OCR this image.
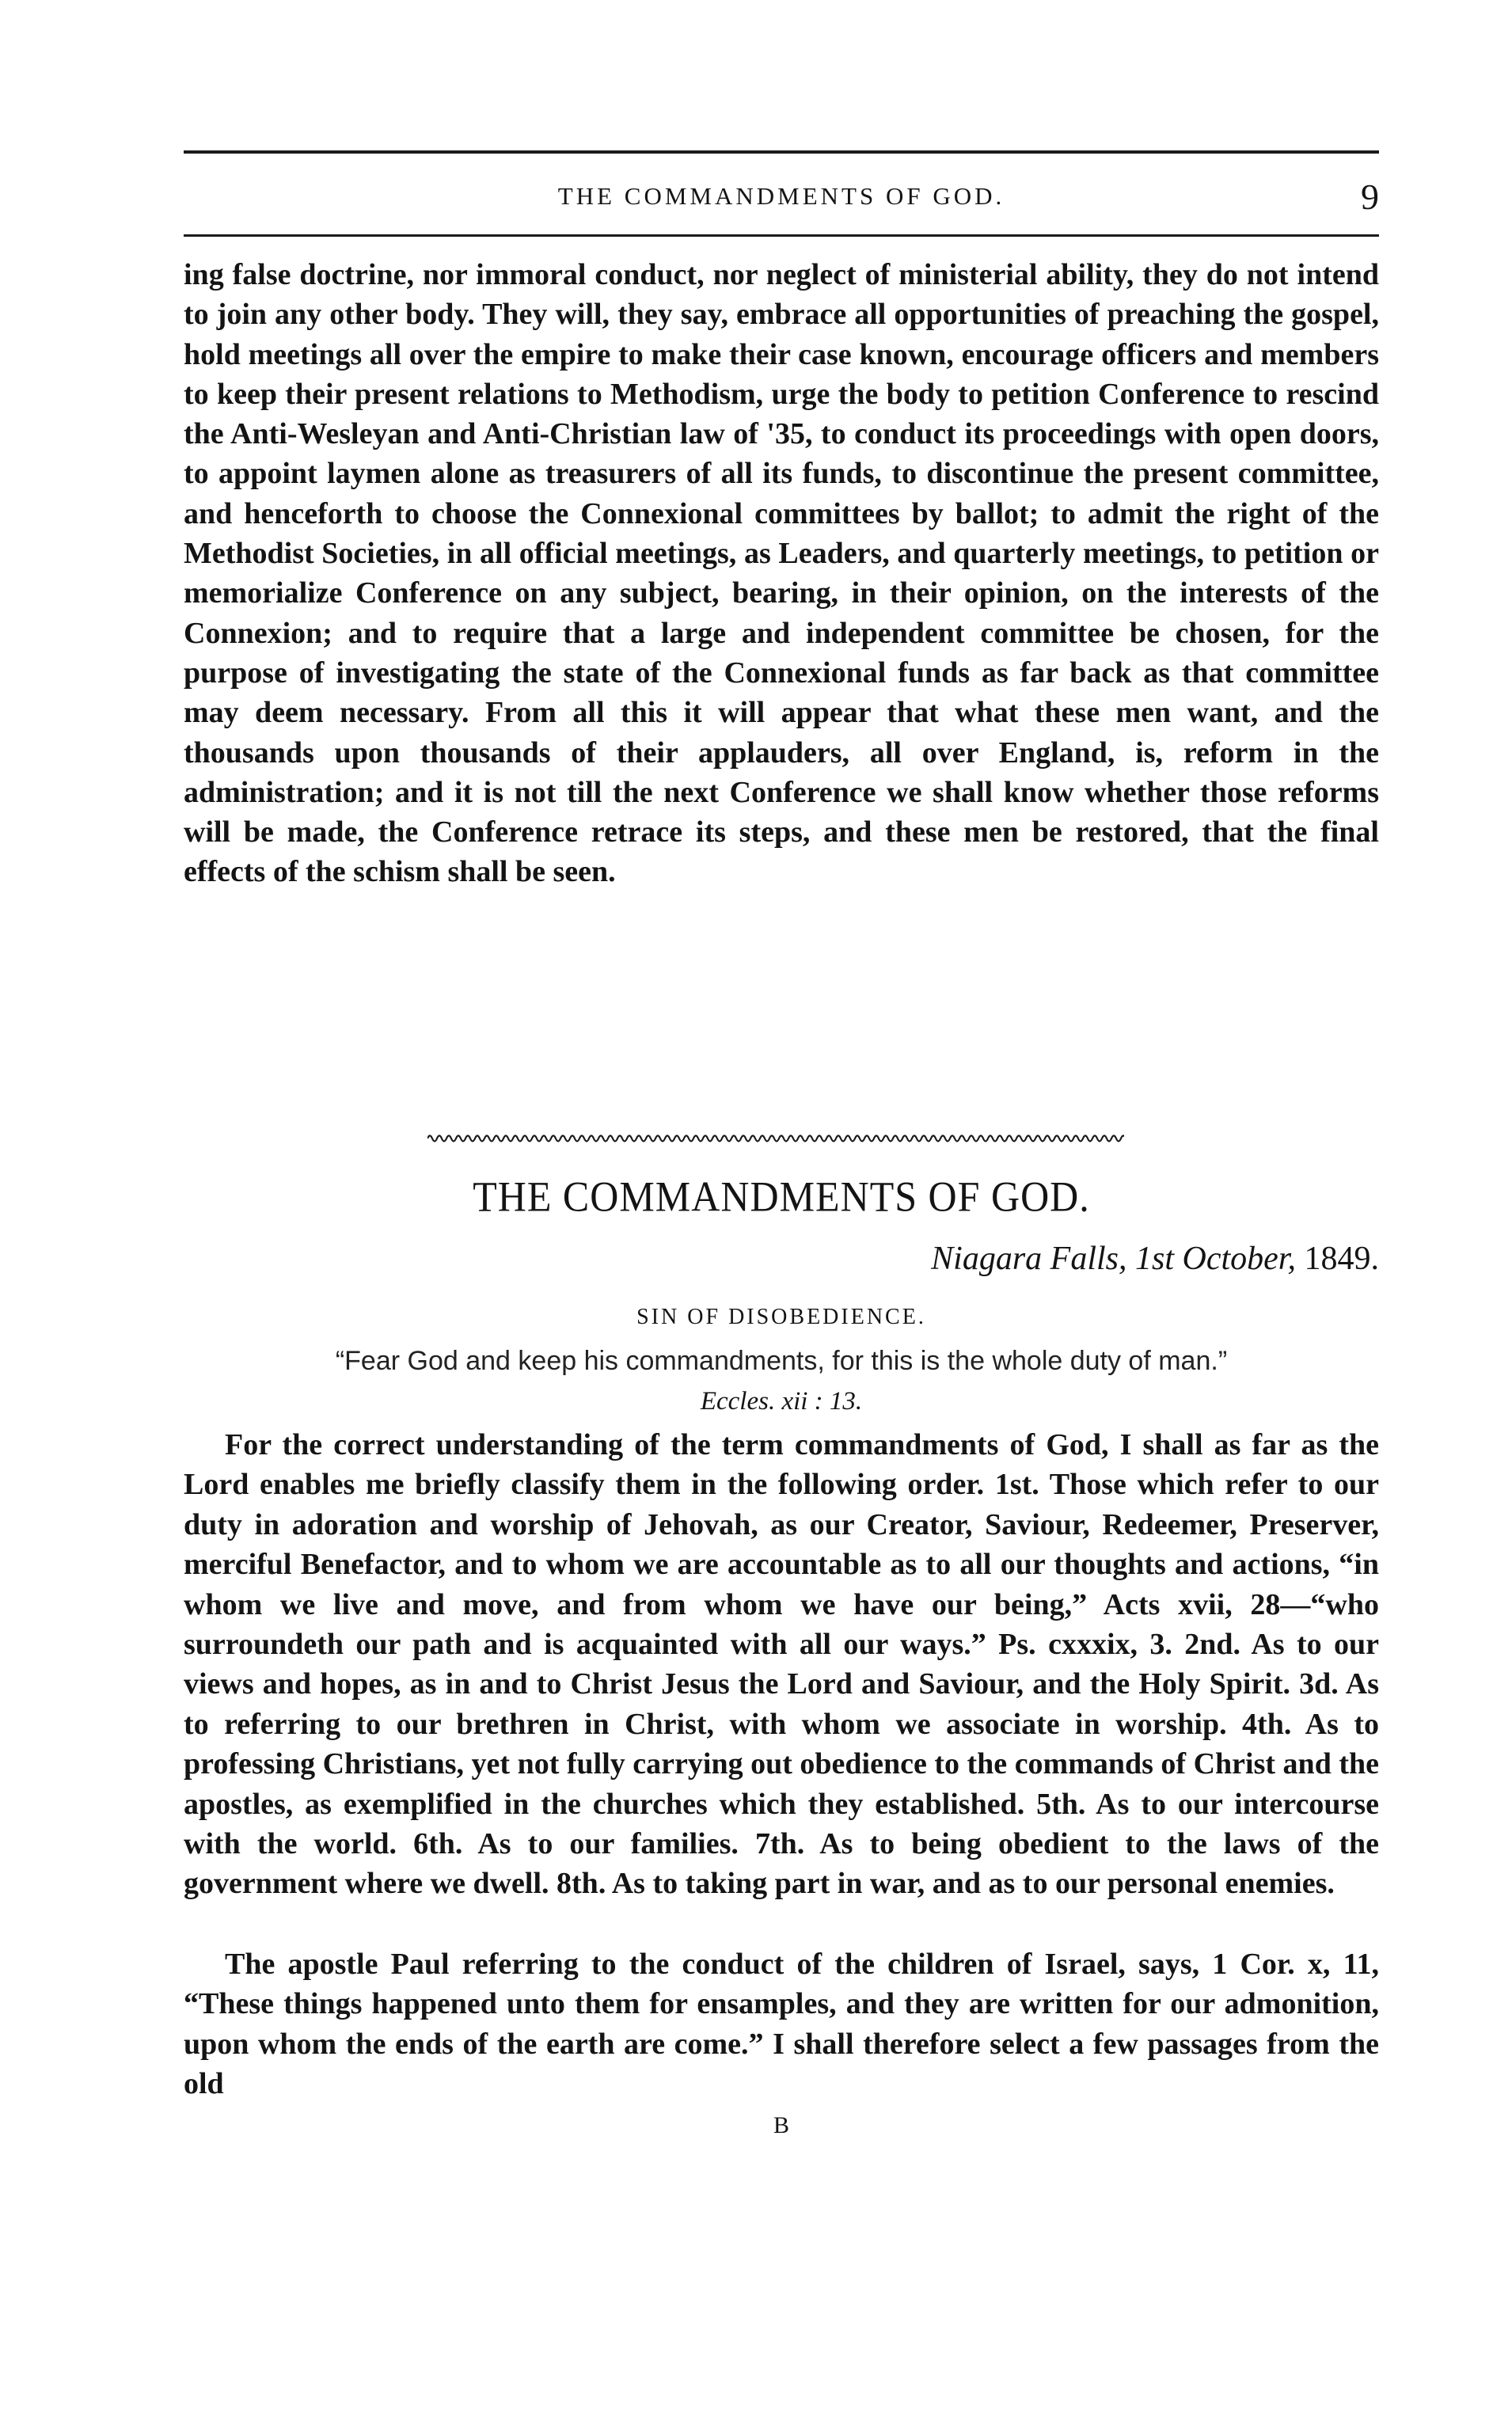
THE COMMANDMENTS OF GOD.	9

ing false doctrine, nor immoral conduct, nor neglect of ministerial ability, they do not intend to join any other body. They will, they say, embrace all opportunities of preaching the gospel, hold meetings all over the empire to make their case known, encourage officers and members to keep their present relations to Methodism, urge the body to petition Conference to rescind the Anti-Wesleyan and Anti-Christian law of '35, to conduct its proceedings with open doors, to appoint laymen alone as treasurers of all its funds, to discontinue the present committee, and henceforth to choose the Connexional committees by ballot; to admit the right of the Methodist Societies, in all official meetings, as Leaders, and quarterly meetings, to petition or memorialize Conference on any subject, bearing, in their opinion, on the interests of the Connexion; and to require that a large and independent committee be chosen, for the purpose of investigating the state of the Connexional funds as far back as that committee may deem necessary. From all this it will appear that what these men want, and the thousands upon thousands of their applauders, all over England, is, reform in the administration; and it is not till the next Conference we shall know whether those reforms will be made, the Conference retrace its steps, and these men be restored, that the final effects of the schism shall be seen.

THE COMMANDMENTS OF GOD.
Niagara Falls, 1st October, 1849.
SIN OF DISOBEDIENCE.
“Fear God and keep his commandments, for this is the whole duty of man.”
Eccles. xii : 13.

For the correct understanding of the term commandments of God, I shall as far as the Lord enables me briefly classify them in the following order. 1st. Those which refer to our duty in adoration and worship of Jehovah, as our Creator, Saviour, Redeemer, Preserver, merciful Benefactor, and to whom we are accountable as to all our thoughts and actions, “in whom we live and move, and from whom we have our being,” Acts xvii, 28—“who surroundeth our path and is acquainted with all our ways.” Ps. cxxxix, 3. 2nd. As to our views and hopes, as in and to Christ Jesus the Lord and Saviour, and the Holy Spirit. 3d. As to referring to our brethren in Christ, with whom we associate in worship. 4th. As to professing Christians, yet not fully carrying out obedience to the commands of Christ and the apostles, as exemplified in the churches which they established. 5th. As to our intercourse with the world. 6th. As to our families. 7th. As to being obedient to the laws of the government where we dwell. 8th. As to taking part in war, and as to our personal enemies.

The apostle Paul referring to the conduct of the children of Israel, says, 1 Cor. x, 11, “These things happened unto them for ensamples, and they are written for our admonition, upon whom the ends of the earth are come.” I shall therefore select a few passages from the old

B
